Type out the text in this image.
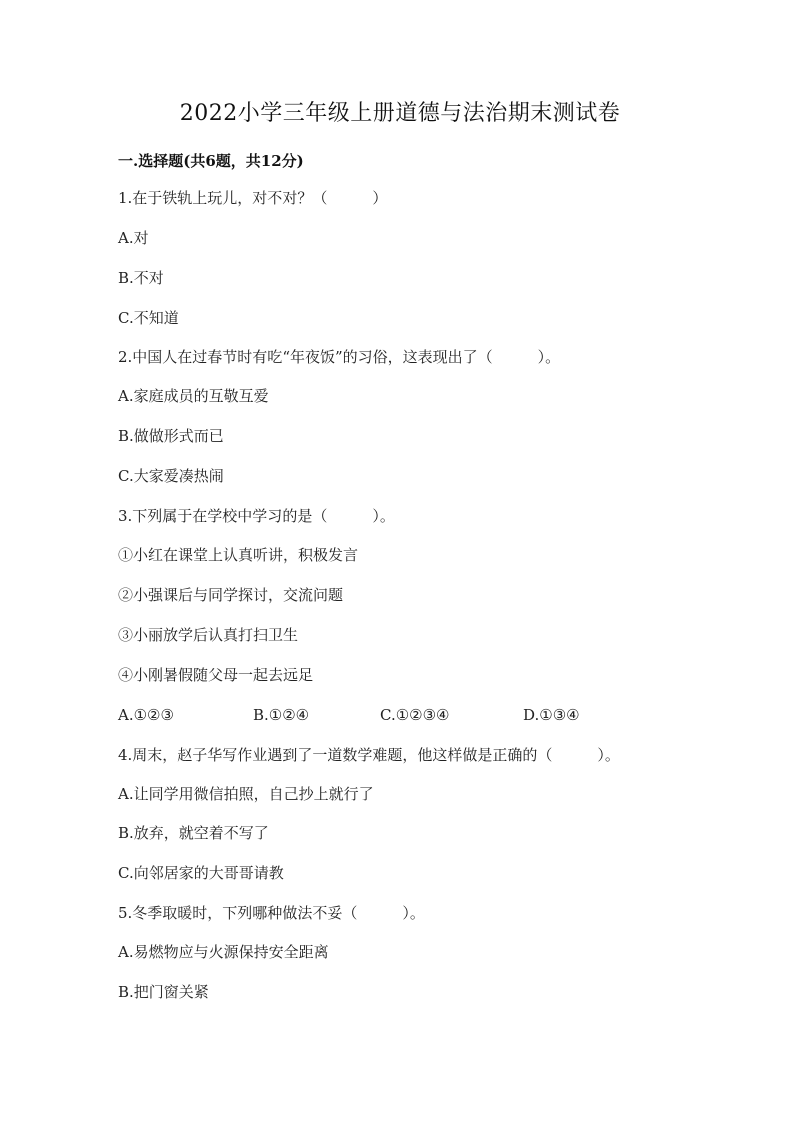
2022小学三年级上册道德与法治期末测试卷
一.选择题(共6题，共12分)
1.在于铁轨上玩儿，对不对？（　　　）
A.对
B.不对
C.不知道
2.中国人在过春节时有吃“年夜饭”的习俗，这表现出了（　　　）。
A.家庭成员的互敬互爱
B.做做形式而已
C.大家爱凑热闹
3.下列属于在学校中学习的是（　　　）。
①小红在课堂上认真听讲，积极发言
②小强课后与同学探讨，交流问题
③小丽放学后认真打扫卫生
④小刚暑假随父母一起去远足
A.①②③	B.①②④	C.①②③④	D.①③④
4.周末，赵子华写作业遇到了一道数学难题，他这样做是正确的（　　　）。
A.让同学用微信拍照，自己抄上就行了
B.放弃，就空着不写了
C.向邻居家的大哥哥请教
5.冬季取暖时，下列哪种做法不妥（　　　）。
A.易燃物应与火源保持安全距离
B.把门窗关紧
